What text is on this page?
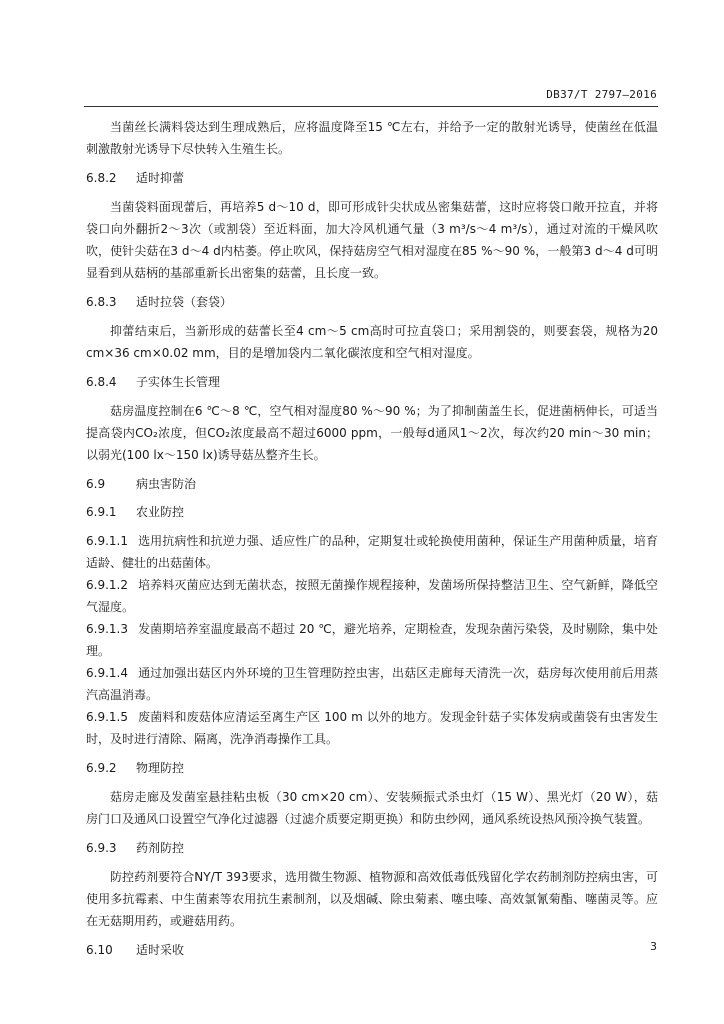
DB37/T 2797—2016

当菌丝长满料袋达到生理成熟后，应将温度降至15 ℃左右，并给予一定的散射光诱导，使菌丝在低温刺激散射光诱导下尽快转入生殖生长。

6.8.2 适时抑蕾

当菌袋料面现蕾后，再培养5 d～10 d，即可形成针尖状成丛密集菇蕾，这时应将袋口敞开拉直，并将袋口向外翻折2～3次（或割袋）至近料面，加大冷风机通气量（3 m³/s～4 m³/s），通过对流的干燥风吹吹，使针尖菇在3 d～4 d内枯萎。停止吹风，保持菇房空气相对湿度在85 %～90 %，一般第3 d～4 d可明显看到从菇柄的基部重新长出密集的菇蕾，且长度一致。

6.8.3 适时拉袋（套袋）

抑蕾结束后，当新形成的菇蕾长至4 cm～5 cm高时可拉直袋口；采用割袋的，则要套袋，规格为20 cm×36 cm×0.02 mm，目的是增加袋内二氧化碳浓度和空气相对湿度。

6.8.4 子实体生长管理

菇房温度控制在6 ℃～8 ℃，空气相对湿度80 %～90 %；为了抑制菌盖生长，促进菌柄伸长，可适当提高袋内CO₂浓度，但CO₂浓度最高不超过6000 ppm，一般每d通风1～2次，每次约20 min～30 min；以弱光(100 lx～150 lx)诱导菇丛整齐生长。

6.9	病虫害防治
6.9.1 农业防控
6.9.1.1 选用抗病性和抗逆力强、适应性广的品种，定期复壮或轮换使用菌种，保证生产用菌种质量，培育适龄、健壮的出菇菌体。
6.9.1.2 培养料灭菌应达到无菌状态，按照无菌操作规程接种，发菌场所保持整洁卫生、空气新鲜，降低空气湿度。
6.9.1.3 发菌期培养室温度最高不超过 20 ℃，避光培养，定期检查，发现杂菌污染袋，及时剔除，集中处理。
6.9.1.4 通过加强出菇区内外环境的卫生管理防控虫害，出菇区走廊每天清洗一次，菇房每次使用前后用蒸汽高温消毒。
6.9.1.5 废菌料和废菇体应清运至离生产区 100 m 以外的地方。发现金针菇子实体发病或菌袋有虫害发生时，及时进行清除、隔离，洗净消毒操作工具。
6.9.2 物理防控

菇房走廊及发菌室悬挂粘虫板（30 cm×20 cm）、安装频振式杀虫灯（15 W）、黑光灯（20 W），菇房门口及通风口设置空气净化过滤器（过滤介质要定期更换）和防虫纱网，通风系统设热风预冷换气装置。

6.9.3 药剂防控

防控药剂要符合NY/T 393要求，选用微生物源、植物源和高效低毒低残留化学农药制剂防控病虫害，可使用多抗霉素、中生菌素等农用抗生素制剂，以及烟碱、除虫菊素、噻虫嗪、高效氯氰菊酯、噻菌灵等。应在无菇期用药，或避菇用药。

6.10 适时采收	3
